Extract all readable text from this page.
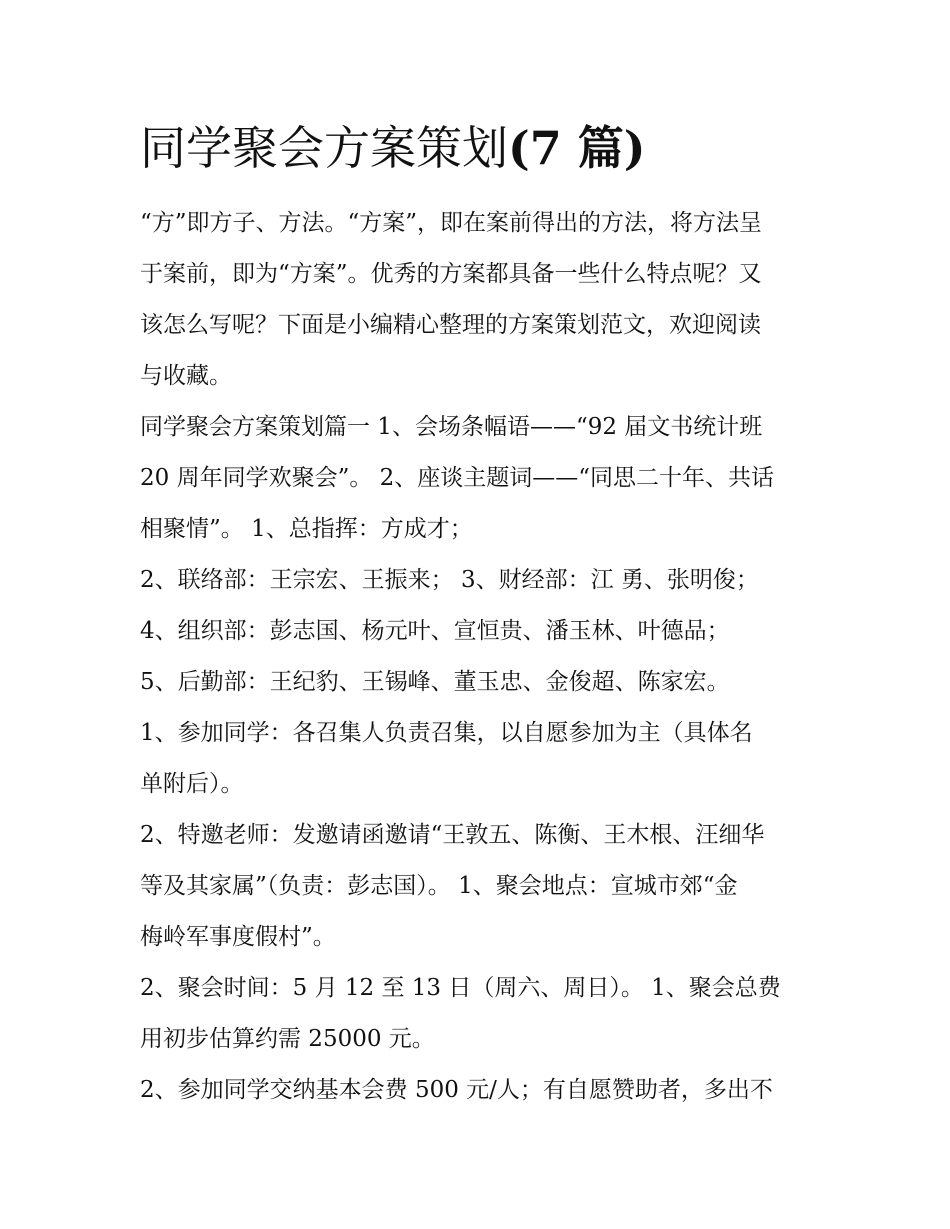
同学聚会方案策划(7 篇)

“方”即方子、方法。“方案”，即在案前得出的方法，将方法呈
于案前，即为“方案”。优秀的方案都具备一些什么特点呢？又
该怎么写呢？下面是小编精心整理的方案策划范文，欢迎阅读
与收藏。

同学聚会方案策划篇一 1、会场条幅语——“92 届文书统计班
20 周年同学欢聚会”。 2、座谈主题词——“同思二十年、共话
相聚情”。 1、总指挥：方成才；

2、联络部：王宗宏、王振来； 3、财经部：江 勇、张明俊；

4、组织部：彭志国、杨元叶、宣恒贵、潘玉林、叶德品；

5、后勤部：王纪豹、王锡峰、董玉忠、金俊超、陈家宏。

1、参加同学：各召集人负责召集，以自愿参加为主（具体名
单附后）。

2、特邀老师：发邀请函邀请“王敦五、陈衡、王木根、汪细华
等及其家属”（负责：彭志国）。 1、聚会地点：宣城市郊“金
梅岭军事度假村”。

2、聚会时间：5 月 12 至 13 日（周六、周日）。 1、聚会总费
用初步估算约需 25000 元。

2、参加同学交纳基本会费 500 元/人；有自愿赞助者，多出不
